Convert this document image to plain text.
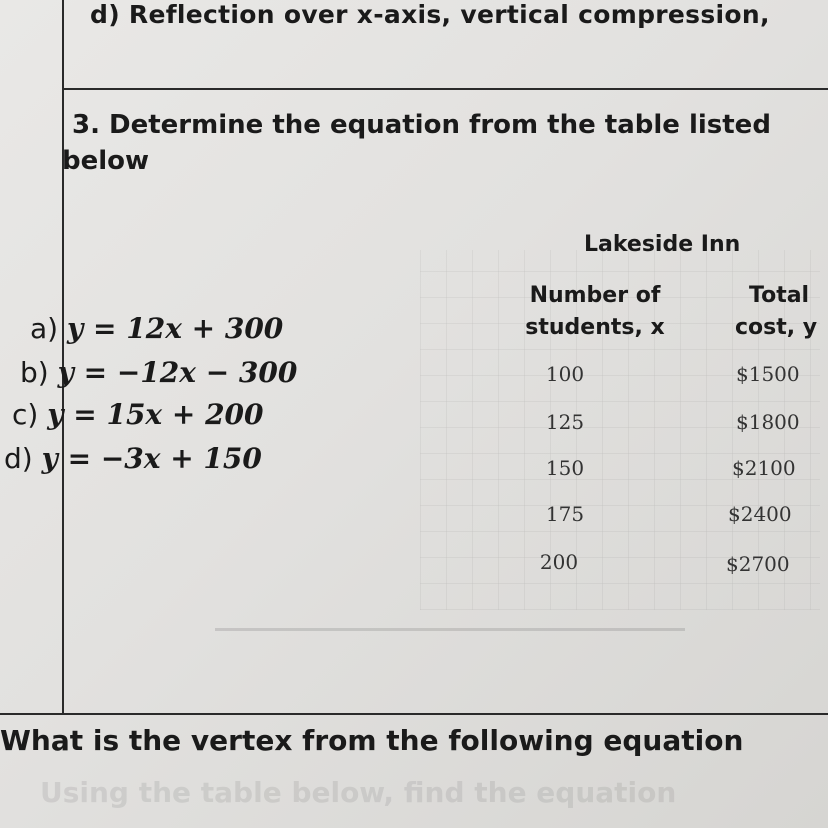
d) Reflection over x-axis, vertical compression,
3. Determine the equation from the table listed
below
a) y = 12x + 300
b) y = −12x − 300
c) y = 15x + 200
d) y = −3x + 150
Lakeside Inn
Number of
students, x
Total
cost, y
100	$1500
125	$1800
150	$2100
175	$2400
200	$2700
What is the vertex from the following equation
Using the table below, find the equation
